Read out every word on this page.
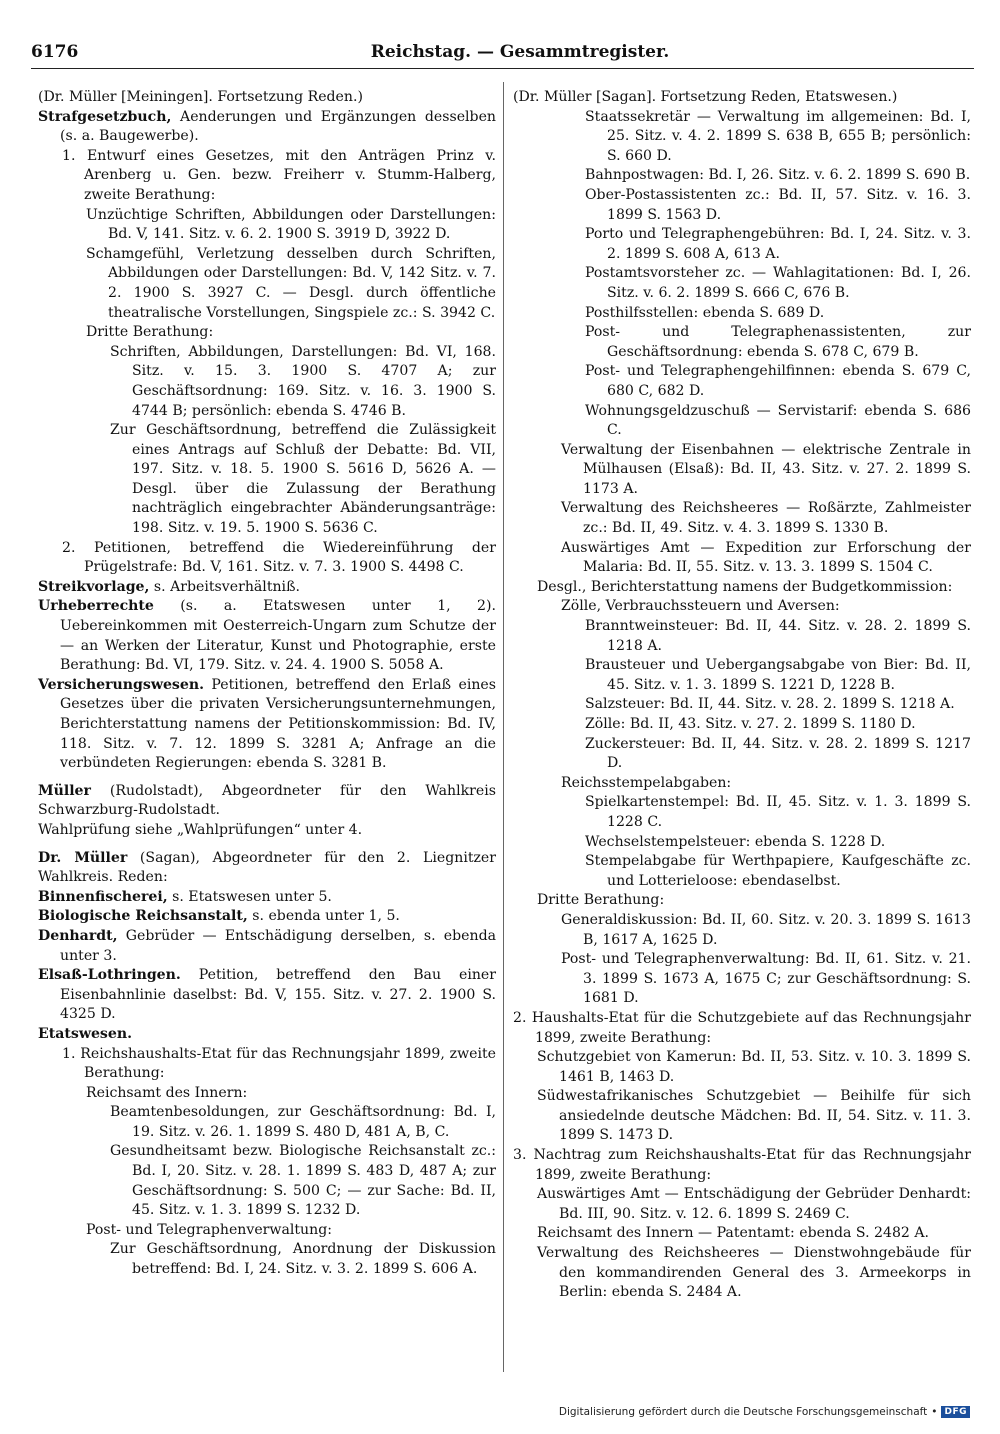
6176	Reichstag. — Gesammtregister.

(Dr. Müller [Meiningen]. Fortsetzung Reden.)

Strafgesetzbuch, Aenderungen und Ergänzungen desselben (s. a. Baugewerbe).

1. Entwurf eines Gesetzes, mit den Anträgen Prinz v. Arenberg u. Gen. bezw. Freiherr v. Stumm-Halberg, zweite Berathung:

Unzüchtige Schriften, Abbildungen oder Darstellungen: Bd. V, 141. Sitz. v. 6. 2. 1900 S. 3919 D, 3922 D.

Schamgefühl, Verletzung desselben durch Schriften, Abbildungen oder Darstellungen: Bd. V, 142 Sitz. v. 7. 2. 1900 S. 3927 C. — Desgl. durch öffentliche theatralische Vorstellungen, Singspiele zc.: S. 3942 C.

Dritte Berathung:

Schriften, Abbildungen, Darstellungen: Bd. VI, 168. Sitz. v. 15. 3. 1900 S. 4707 A; zur Geschäftsordnung: 169. Sitz. v. 16. 3. 1900 S. 4744 B; persönlich: ebenda S. 4746 B.

Zur Geschäftsordnung, betreffend die Zulässigkeit eines Antrags auf Schluß der Debatte: Bd. VII, 197. Sitz. v. 18. 5. 1900 S. 5616 D, 5626 A. — Desgl. über die Zulassung der Berathung nachträglich eingebrachter Abänderungsanträge: 198. Sitz. v. 19. 5. 1900 S. 5636 C.

2. Petitionen, betreffend die Wiedereinführung der Prügelstrafe: Bd. V, 161. Sitz. v. 7. 3. 1900 S. 4498 C.

Streikvorlage, s. Arbeitsverhältniß.

Urheberrechte (s. a. Etatswesen unter 1, 2). Uebereinkommen mit Oesterreich-Ungarn zum Schutze der — an Werken der Literatur, Kunst und Photographie, erste Berathung: Bd. VI, 179. Sitz. v. 24. 4. 1900 S. 5058 A.

Versicherungswesen. Petitionen, betreffend den Erlaß eines Gesetzes über die privaten Versicherungsunternehmungen, Berichterstattung namens der Petitionskommission: Bd. IV, 118. Sitz. v. 7. 12. 1899 S. 3281 A; Anfrage an die verbündeten Regierungen: ebenda S. 3281 B.

Müller (Rudolstadt), Abgeordneter für den Wahlkreis Schwarzburg-Rudolstadt.

Wahlprüfung siehe „Wahlprüfungen“ unter 4.

Dr. Müller (Sagan), Abgeordneter für den 2. Liegnitzer Wahlkreis. Reden:

Binnenfischerei, s. Etatswesen unter 5.

Biologische Reichsanstalt, s. ebenda unter 1, 5.

Denhardt, Gebrüder — Entschädigung derselben, s. ebenda unter 3.

Elsaß-Lothringen. Petition, betreffend den Bau einer Eisenbahnlinie daselbst: Bd. V, 155. Sitz. v. 27. 2. 1900 S. 4325 D.

Etatswesen.

1. Reichshaushalts-Etat für das Rechnungsjahr 1899, zweite Berathung:

Reichsamt des Innern:

Beamtenbesoldungen, zur Geschäftsordnung: Bd. I, 19. Sitz. v. 26. 1. 1899 S. 480 D, 481 A, B, C.

Gesundheitsamt bezw. Biologische Reichsanstalt zc.: Bd. I, 20. Sitz. v. 28. 1. 1899 S. 483 D, 487 A; zur Geschäftsordnung: S. 500 C; — zur Sache: Bd. II, 45. Sitz. v. 1. 3. 1899 S. 1232 D.

Post- und Telegraphenverwaltung:

Zur Geschäftsordnung, Anordnung der Diskussion betreffend: Bd. I, 24. Sitz. v. 3. 2. 1899 S. 606 A.

(Dr. Müller [Sagan]. Fortsetzung Reden, Etatswesen.)

Staatssekretär — Verwaltung im allgemeinen: Bd. I, 25. Sitz. v. 4. 2. 1899 S. 638 B, 655 B; persönlich: S. 660 D.

Bahnpostwagen: Bd. I, 26. Sitz. v. 6. 2. 1899 S. 690 B.

Ober-Postassistenten zc.: Bd. II, 57. Sitz. v. 16. 3. 1899 S. 1563 D.

Porto und Telegraphengebühren: Bd. I, 24. Sitz. v. 3. 2. 1899 S. 608 A, 613 A.

Postamtsvorsteher zc. — Wahlagitationen: Bd. I, 26. Sitz. v. 6. 2. 1899 S. 666 C, 676 B.

Posthilfsstellen: ebenda S. 689 D.

Post- und Telegraphenassistenten, zur Geschäftsordnung: ebenda S. 678 C, 679 B.

Post- und Telegraphengehilfinnen: ebenda S. 679 C, 680 C, 682 D.

Wohnungsgeldzuschuß — Servistarif: ebenda S. 686 C.

Verwaltung der Eisenbahnen — elektrische Zentrale in Mülhausen (Elsaß): Bd. II, 43. Sitz. v. 27. 2. 1899 S. 1173 A.

Verwaltung des Reichsheeres — Roßärzte, Zahlmeister zc.: Bd. II, 49. Sitz. v. 4. 3. 1899 S. 1330 B.

Auswärtiges Amt — Expedition zur Erforschung der Malaria: Bd. II, 55. Sitz. v. 13. 3. 1899 S. 1504 C.

Desgl., Berichterstattung namens der Budgetkommission:

Zölle, Verbrauchssteuern und Aversen:

Branntweinsteuer: Bd. II, 44. Sitz. v. 28. 2. 1899 S. 1218 A.

Brausteuer und Uebergangsabgabe von Bier: Bd. II, 45. Sitz. v. 1. 3. 1899 S. 1221 D, 1228 B.

Salzsteuer: Bd. II, 44. Sitz. v. 28. 2. 1899 S. 1218 A.

Zölle: Bd. II, 43. Sitz. v. 27. 2. 1899 S. 1180 D.

Zuckersteuer: Bd. II, 44. Sitz. v. 28. 2. 1899 S. 1217 D.

Reichsstempelabgaben:

Spielkartenstempel: Bd. II, 45. Sitz. v. 1. 3. 1899 S. 1228 C.

Wechselstempelsteuer: ebenda S. 1228 D.

Stempelabgabe für Werthpapiere, Kaufgeschäfte zc. und Lotterieloose: ebendaselbst.

Dritte Berathung:

Generaldiskussion: Bd. II, 60. Sitz. v. 20. 3. 1899 S. 1613 B, 1617 A, 1625 D.

Post- und Telegraphenverwaltung: Bd. II, 61. Sitz. v. 21. 3. 1899 S. 1673 A, 1675 C; zur Geschäftsordnung: S. 1681 D.

2. Haushalts-Etat für die Schutzgebiete auf das Rechnungsjahr 1899, zweite Berathung:

Schutzgebiet von Kamerun: Bd. II, 53. Sitz. v. 10. 3. 1899 S. 1461 B, 1463 D.

Südwestafrikanisches Schutzgebiet — Beihilfe für sich ansiedelnde deutsche Mädchen: Bd. II, 54. Sitz. v. 11. 3. 1899 S. 1473 D.

3. Nachtrag zum Reichshaushalts-Etat für das Rechnungsjahr 1899, zweite Berathung:

Auswärtiges Amt — Entschädigung der Gebrüder Denhardt: Bd. III, 90. Sitz. v. 12. 6. 1899 S. 2469 C.

Reichsamt des Innern — Patentamt: ebenda S. 2482 A.

Verwaltung des Reichsheeres — Dienstwohngebäude für den kommandirenden General des 3. Armeekorps in Berlin: ebenda S. 2484 A.

Digitalisierung gefördert durch die Deutsche Forschungsgemeinschaft • DFG
